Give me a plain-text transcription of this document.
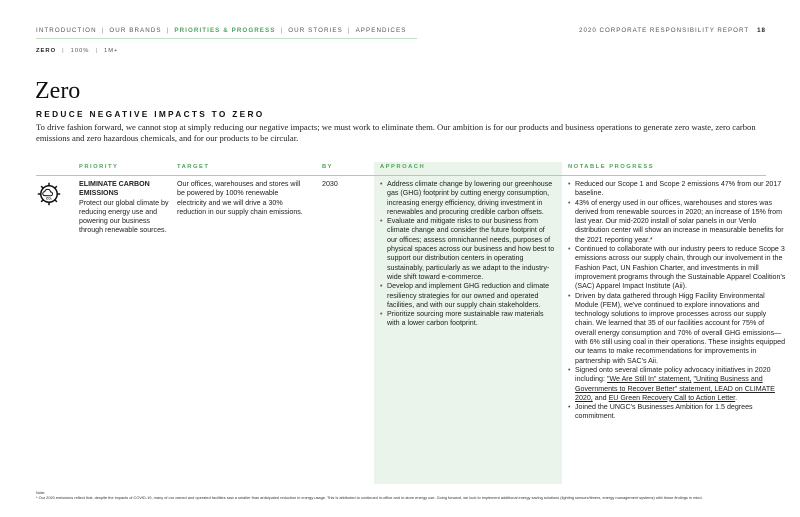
INTRODUCTION | OUR BRANDS | PRIORITIES & PROGRESS | OUR STORIES | APPENDICES	2020 CORPORATE RESPONSIBILITY REPORT 18
ZERO | 100% | 1M+
Zero
REDUCE NEGATIVE IMPACTS TO ZERO

To drive fashion forward, we cannot stop at simply reducing our negative impacts; we must work to eliminate them. Our ambition is for our products and business operations to generate zero waste, zero carbon emissions and zero hazardous chemicals, and for our products to be circular.

PRIORITY	TARGET	BY	APPROACH	NOTABLE PROGRESS
CO₂
ELIMINATE CARBON EMISSIONS
Protect our global climate by reducing energy use and powering our business through renewable sources.
Our offices, warehouses and stores will be powered by 100% renewable electricity and we will drive a 30% reduction in our supply chain emissions.
2030
•	Address climate change by lowering our greenhouse gas (GHG) footprint by cutting energy consumption, increasing energy efficiency, driving investment in renewables and procuring credible carbon offsets.
• Evaluate and mitigate risks to our business from climate change and consider the future footprint of our offices; assess omnichannel needs, purposes of physical spaces across our business and how best to support our distribution centers in operating sustainably, particularly as we adapt to the industry-wide shift toward e-commerce.
• Develop and implement GHG reduction and climate resiliency strategies for our owned and operated facilities, and with our supply chain stakeholders.
• Prioritize sourcing more sustainable raw materials with a lower carbon footprint.
• Reduced our Scope 1 and Scope 2 emissions 47% from our 2017 baseline.
• 43% of energy used in our offices, warehouses and stores was derived from renewable sources in 2020; an increase of 15% from last year. Our mid-2020 install of solar panels in our Venlo distribution center will show an increase in measurable benefits for the 2021 reporting year.*
• Continued to collaborate with our industry peers to reduce Scope 3 emissions across our supply chain, through our involvement in the Fashion Pact, UN Fashion Charter, and investments in mill improvement programs through the Sustainable Apparel Coalition's (SAC) Apparel Impact Institute (Aii).
• Driven by data gathered through Higg Facility Environmental Module (FEM), we've continued to explore innovations and technology solutions to improve processes across our supply chain. We learned that 35 of our facilities account for 75% of overall energy consumption and 70% of overall GHG emissions—with 6% still using coal in their operations. These insights equipped our teams to make recommendations for improvements in partnership with SAC's Aii.
• Signed onto several climate policy advocacy initiatives in 2020 including: "We Are Still In" statement, "Uniting Business and Governments to Recover Better" statement, LEAD on CLIMATE 2020, and EU Green Recovery Call to Action Letter.
• Joined the UNGC's Businesses Ambition for 1.5 degrees commitment.
Note:
* Our 2020 emissions reflect that, despite the impacts of COVID-19, many of our owned and operated facilities saw a smaller than anticipated reduction in energy usage. This is attributed to continued in-office and in-store energy use. Going forward, we look to implement additional energy saving solutions (lighting sensors/timers, energy management systems) with these findings in mind.
